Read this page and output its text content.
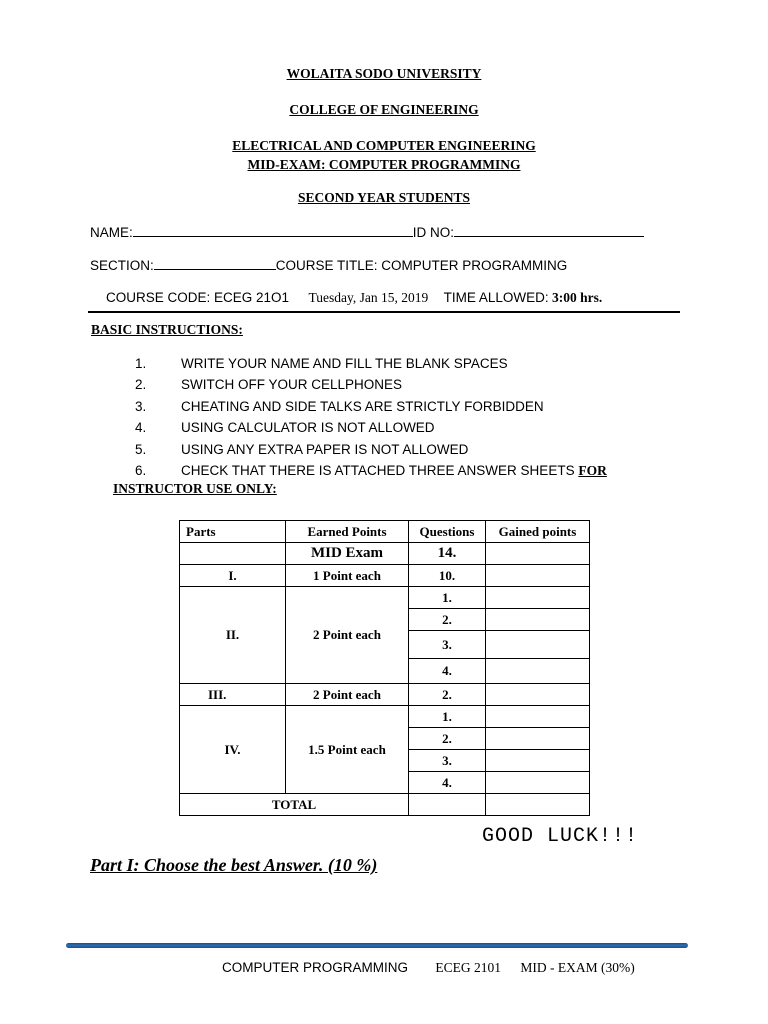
WOLAITA SODO UNIVERSITY
COLLEGE OF ENGINEERING
ELECTRICAL AND COMPUTER ENGINEERING
MID-EXAM: COMPUTER PROGRAMMING
SECOND YEAR STUDENTS
NAME:	ID NO:
SECTION:	COURSE TITLE: COMPUTER PROGRAMMING
COURSE CODE: ECEG 21O1 Tuesday, Jan 15, 2019 TIME ALLOWED: 3:00 hrs.
BASIC INSTRUCTIONS:
1.	WRITE YOUR NAME AND FILL THE BLANK SPACES
2.	SWITCH OFF YOUR CELLPHONES
3.	CHEATING AND SIDE TALKS ARE STRICTLY FORBIDDEN
4.	USING CALCULATOR IS NOT ALLOWED
5.	USING ANY EXTRA PAPER IS NOT ALLOWED
6.	CHECK THAT THERE IS ATTACHED THREE ANSWER SHEETS FOR
INSTRUCTOR USE ONLY:
Parts	Earned Points	Questions	Gained points
	MID Exam	14.	
I.	1 Point each	10.	
II.	2 Point each	1.	
		2.	
		3.	
		4.	
III.	2 Point each	2.	
IV.	1.5 Point each	1.	
		2.	
		3.	
		4.	
TOTAL			
GOOD LUCK!!!
Part I: Choose the best Answer. (10 %)
COMPUTER PROGRAMMING ECEG 2101 MID - EXAM (30%)
